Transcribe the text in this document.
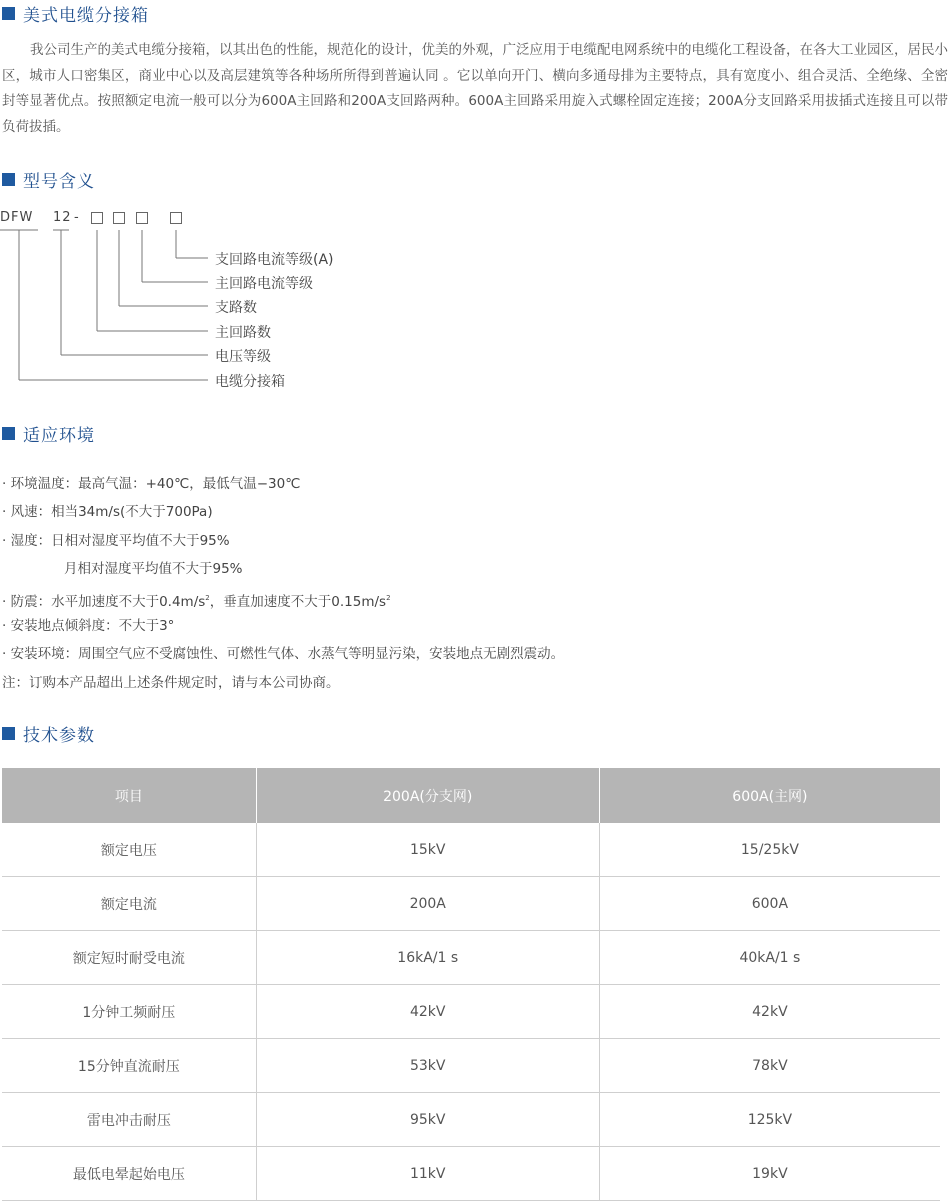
美式电缆分接箱
我公司生产的美式电缆分接箱，以其出色的性能，规范化的设计，优美的外观，广泛应用于电缆配电网系统中的电缆化工程设备，在各大工业园区，居民小区，城市人口密集区，商业中心以及高层建筑等各种场所所得到普遍认同 。它以单向开门、横向多通母排为主要特点，具有宽度小、组合灵活、全绝缘、全密封等显著优点。按照额定电流一般可以分为600A主回路和200A支回路两种。600A主回路采用旋入式螺栓固定连接；200A分支回路采用拔插式连接且可以带负荷拔插。
型号含义
DFW 12 -
支回路电流等级(A)
主回路电流等级
支路数
主回路数
电压等级
电缆分接箱
适应环境
· 环境温度：最高气温：+40℃，最低气温−30℃
· 风速：相当34m/s(不大于700Pa)
· 湿度：日相对湿度平均值不大于95%
月相对湿度平均值不大于95%
· 防震：水平加速度不大于$0.4m/s^2$，垂直加速度不大于$0.15m/s^2$
· 安装地点倾斜度：不大于3°
· 安装环境：周围空气应不受腐蚀性、可燃性气体、水蒸气等明显污染，安装地点无剧烈震动。
注：订购本产品超出上述条件规定时，请与本公司协商。
技术参数
项目	200A(分支网)	600A(主网)
额定电压	15kV	15/25kV
额定电流	200A	600A
额定短时耐受电流	16kA/1 s	40kA/1 s
1分钟工频耐压	42kV	42kV
15分钟直流耐压	53kV	78kV
雷电冲击耐压	95kV	125kV
最低电晕起始电压	11kV	19kV
